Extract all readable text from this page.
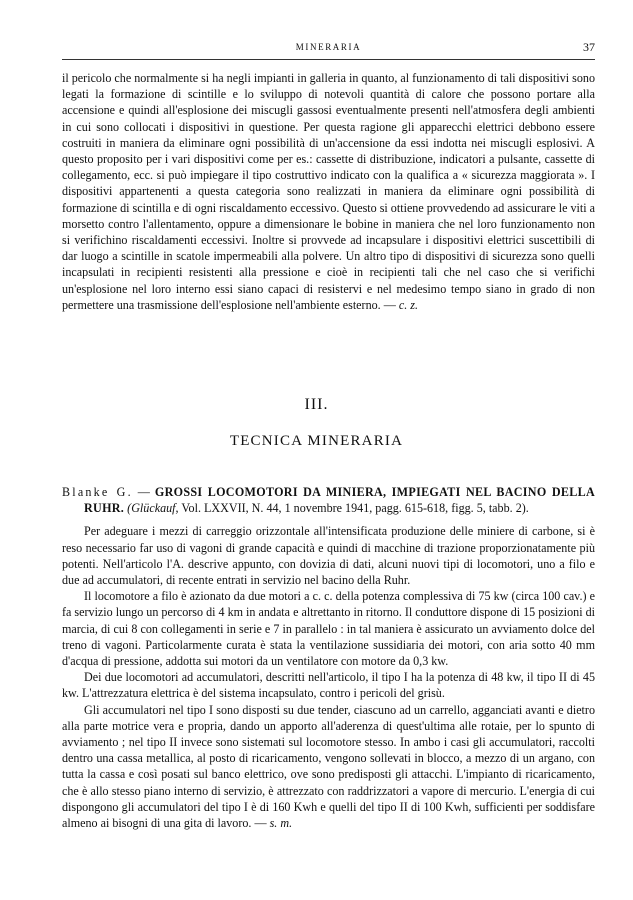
MINERARIA	37

il pericolo che normalmente si ha negli impianti in galleria in quanto, al funzionamento di tali dispositivi sono legati la formazione di scintille e lo sviluppo di notevoli quantità di calore che possono portare alla accensione e quindi all'esplosione dei miscugli gassosi eventualmente presenti nell'atmosfera degli ambienti in cui sono collocati i dispositivi in questione. Per questa ragione gli apparecchi elettrici debbono essere costruiti in maniera da eliminare ogni possibilità di un'accensione da essi indotta nei miscugli esplosivi. A questo proposito per i vari dispositivi come per es.: cassette di distribuzione, indicatori a pulsante, cassette di collegamento, ecc. si può impiegare il tipo costruttivo indicato con la qualifica a « sicurezza maggiorata ». I dispositivi appartenenti a questa categoria sono realizzati in maniera da eliminare ogni possibilità di formazione di scintilla e di ogni riscaldamento eccessivo. Questo si ottiene provvedendo ad assicurare le viti a morsetto contro l'allentamento, oppure a dimensionare le bobine in maniera che nel loro funzionamento non si verifichino riscaldamenti eccessivi. Inoltre si provvede ad incapsulare i dispositivi elettrici suscettibili di dar luogo a scintille in scatole impermeabili alla polvere. Un altro tipo di dispositivi di sicurezza sono quelli incapsulati in recipienti resistenti alla pressione e cioè in recipienti tali che nel caso che si verifichi un'esplosione nel loro interno essi siano capaci di resistervi e nel medesimo tempo siano in grado di non permettere una trasmissione dell'esplosione nell'ambiente esterno. — c. z.

III.
TECNICA MINERARIA

Blanke G. — GROSSI LOCOMOTORI DA MINIERA, IMPIEGATI NEL BACINO DELLA RUHR. (Glückauf, Vol. LXXVII, N. 44, 1 novembre 1941, pagg. 615-618, figg. 5, tabb. 2).

Per adeguare i mezzi di carreggio orizzontale all'intensificata produzione delle miniere di carbone, si è reso necessario far uso di vagoni di grande capacità e quindi di macchine di trazione proporzionatamente più potenti. Nell'articolo l'A. descrive appunto, con dovizia di dati, alcuni nuovi tipi di locomotori, uno a filo e due ad accumulatori, di recente entrati in servizio nel bacino della Ruhr.

Il locomotore a filo è azionato da due motori a c. c. della potenza complessiva di 75 kw (circa 100 cav.) e fa servizio lungo un percorso di 4 km in andata e altrettanto in ritorno. Il conduttore dispone di 15 posizioni di marcia, di cui 8 con collegamenti in serie e 7 in parallelo : in tal maniera è assicurato un avviamento dolce del treno di vagoni. Particolarmente curata è stata la ventilazione sussidiaria dei motori, con aria sotto 40 mm d'acqua di pressione, addotta sui motori da un ventilatore con motore da 0,3 kw.

Dei due locomotori ad accumulatori, descritti nell'articolo, il tipo I ha la potenza di 48 kw, il tipo II di 45 kw. L'attrezzatura elettrica è del sistema incapsulato, contro i pericoli del grisù.

Gli accumulatori nel tipo I sono disposti su due tender, ciascuno ad un carrello, agganciati avanti e dietro alla parte motrice vera e propria, dando un apporto all'aderenza di quest'ultima alle rotaie, per lo spunto di avviamento ; nel tipo II invece sono sistemati sul locomotore stesso. In ambo i casi gli accumulatori, raccolti dentro una cassa metallica, al posto di ricaricamento, vengono sollevati in blocco, a mezzo di un argano, con tutta la cassa e così posati sul banco elettrico, ove sono predisposti gli attacchi. L'impianto di ricaricamento, che è allo stesso piano interno di servizio, è attrezzato con raddrizzatori a vapore di mercurio. L'energia di cui dispongono gli accumulatori del tipo I è di 160 Kwh e quelli del tipo II di 100 Kwh, sufficienti per soddisfare almeno ai bisogni di una gita di lavoro. — s. m.
